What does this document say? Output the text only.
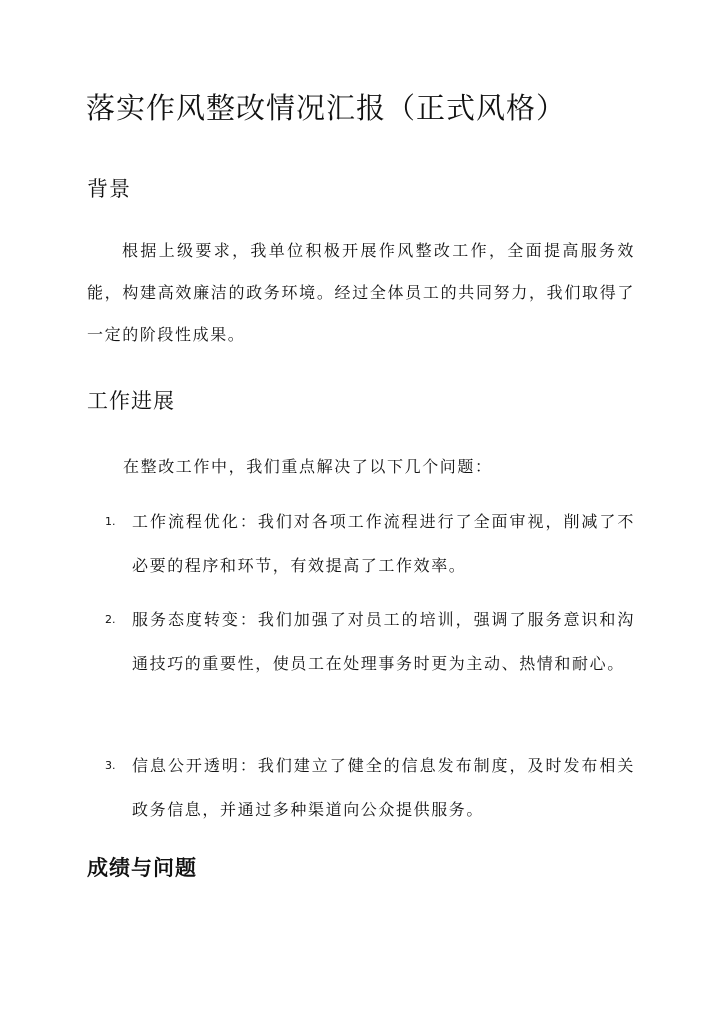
落实作风整改情况汇报（正式风格）
背景

根据上级要求，我单位积极开展作风整改工作，全面提高服务效能，构建高效廉洁的政务环境。经过全体员工的共同努力，我们取得了一定的阶段性成果。

工作进展

在整改工作中，我们重点解决了以下几个问题：

1. 工作流程优化：我们对各项工作流程进行了全面审视，削减了不必要的程序和环节，有效提高了工作效率。

2. 服务态度转变：我们加强了对员工的培训，强调了服务意识和沟通技巧的重要性，使员工在处理事务时更为主动、热情和耐心。

3. 信息公开透明：我们建立了健全的信息发布制度，及时发布相关政务信息，并通过多种渠道向公众提供服务。

成绩与问题
